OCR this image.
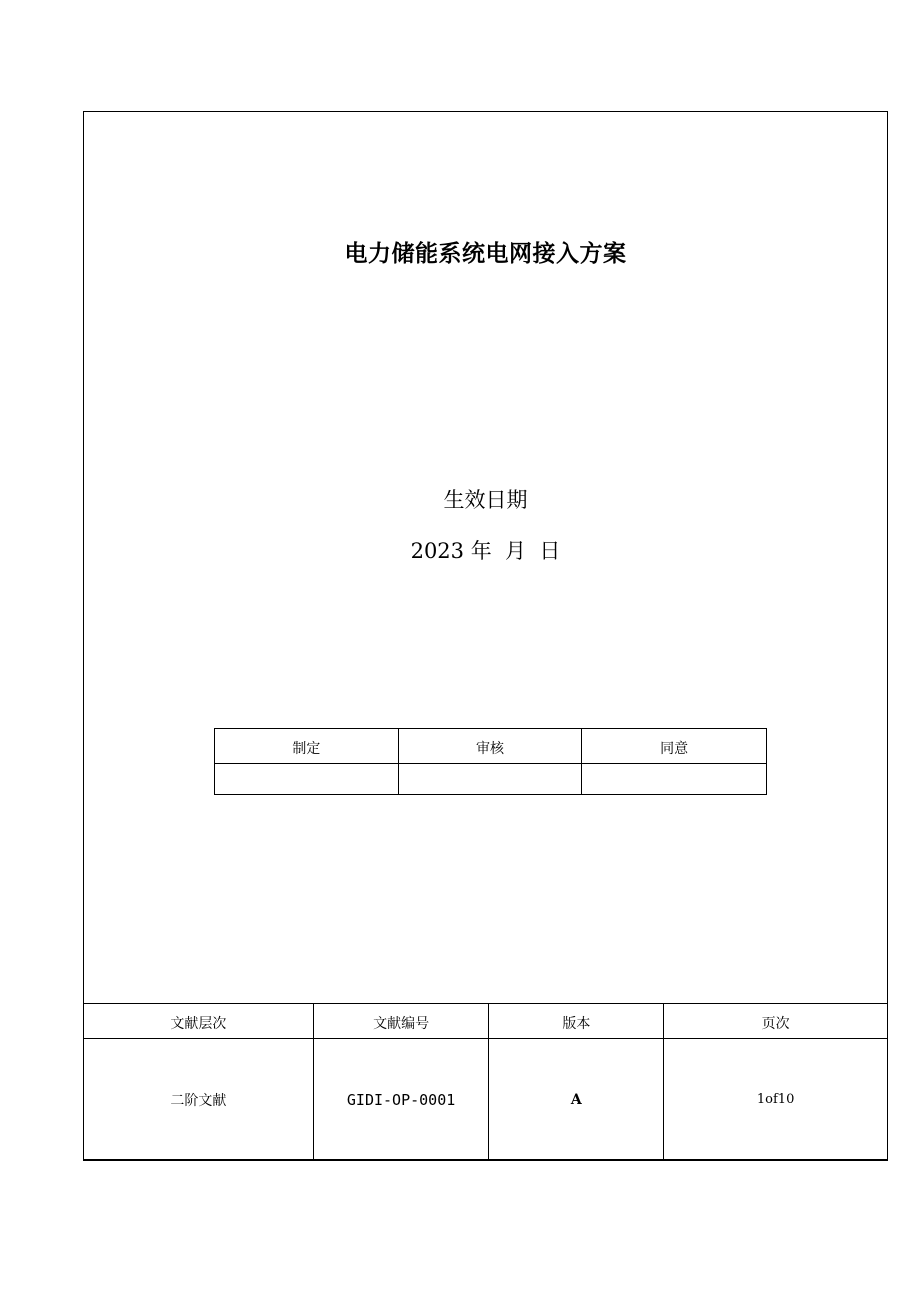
电力储能系统电网接入方案
生效日期
2023 年  月  日
制定	审核	同意

文献层次	文献编号	版本	页次
二阶文献	GIDI-OP-0001	A	1of10
